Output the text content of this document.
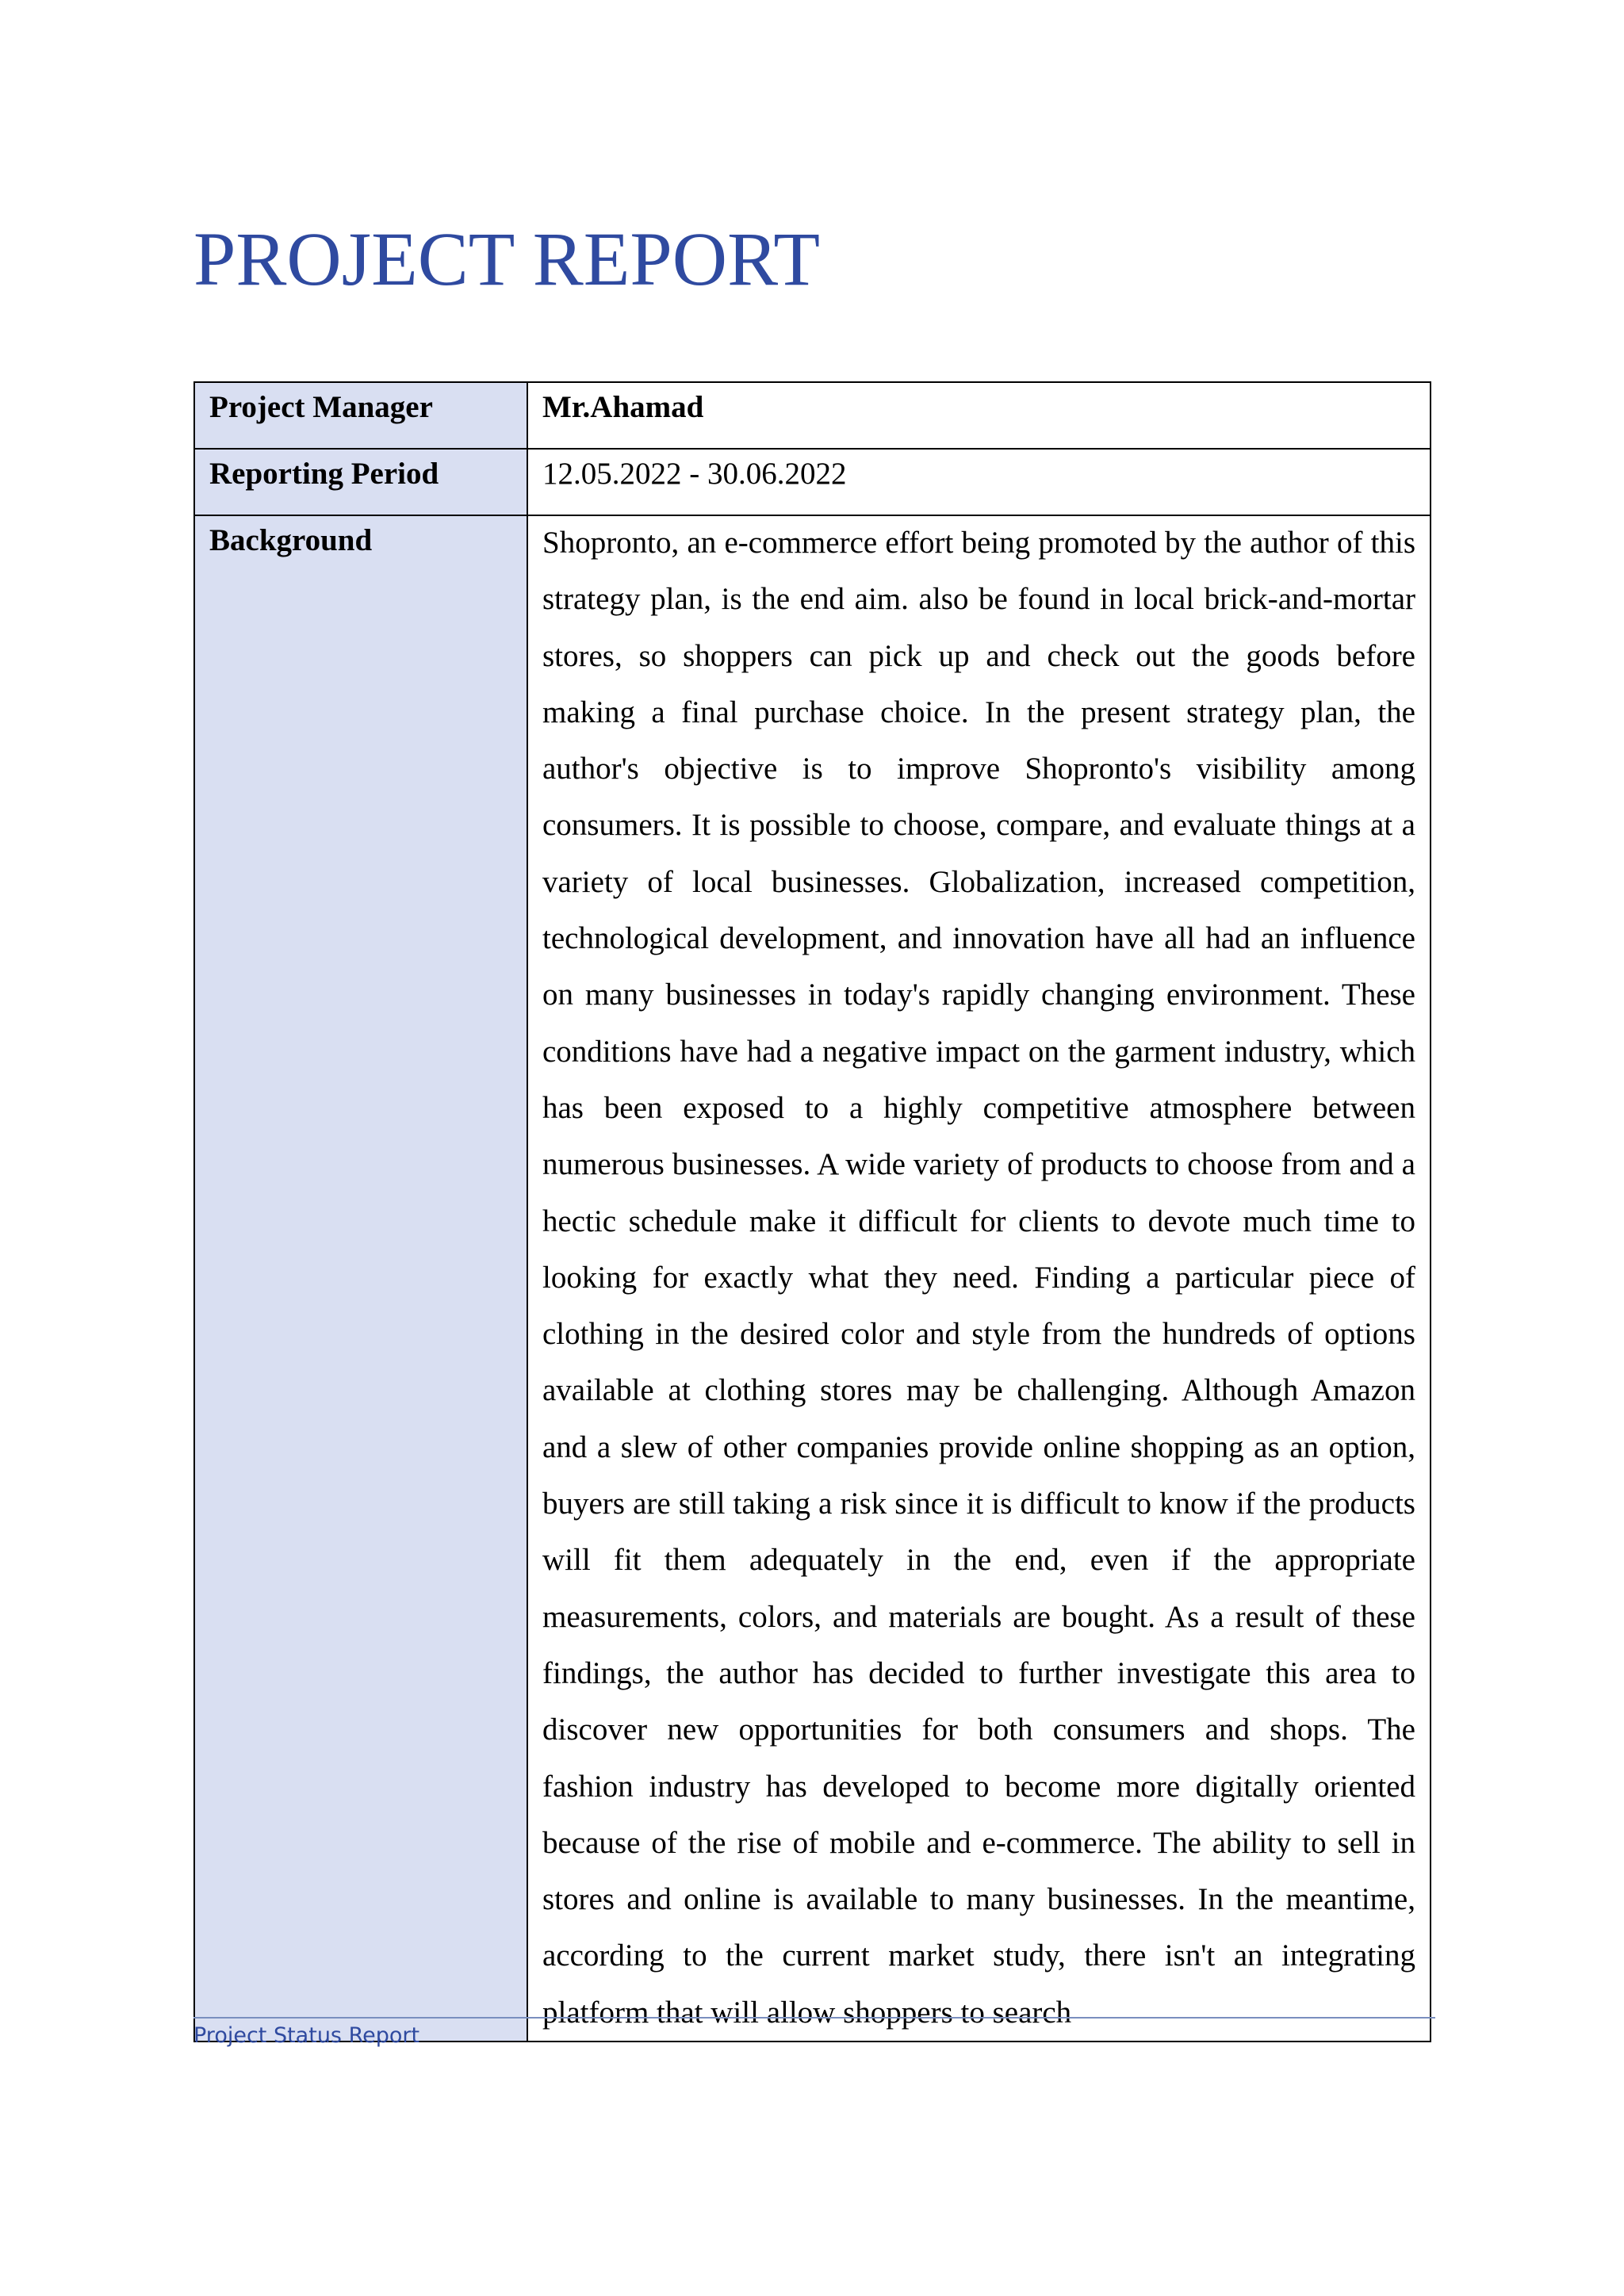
PROJECT REPORT
Project Manager	Mr.Ahamad
Reporting Period	12.05.2022 - 30.06.2022
Background	Shopronto, an e-commerce effort being promoted by the author of this strategy plan, is the end aim. also be found in local brick-and-mortar stores, so shoppers can pick up and check out the goods before making a final purchase choice. In the present strategy plan, the author's objective is to improve Shopronto's visibility among consumers. It is possible to choose, compare, and evaluate things at a variety of local businesses. Globalization, increased competition, technological development, and innovation have all had an influence on many businesses in today's rapidly changing environment. These conditions have had a negative impact on the garment industry, which has been exposed to a highly competitive atmosphere between numerous businesses. A wide variety of products to choose from and a hectic schedule make it difficult for clients to devote much time to looking for exactly what they need. Finding a particular piece of clothing in the desired color and style from the hundreds of options available at clothing stores may be challenging. Although Amazon and a slew of other companies provide online shopping as an option, buyers are still taking a risk since it is difficult to know if the products will fit them adequately in the end, even if the appropriate measurements, colors, and materials are bought. As a result of these findings, the author has decided to further investigate this area to discover new opportunities for both consumers and shops. The fashion industry has developed to become more digitally oriented because of the rise of mobile and e-commerce. The ability to sell in stores and online is available to many businesses. In the meantime, according to the current market study, there isn't an integrating platform that will allow shoppers to search
Project Status Report
